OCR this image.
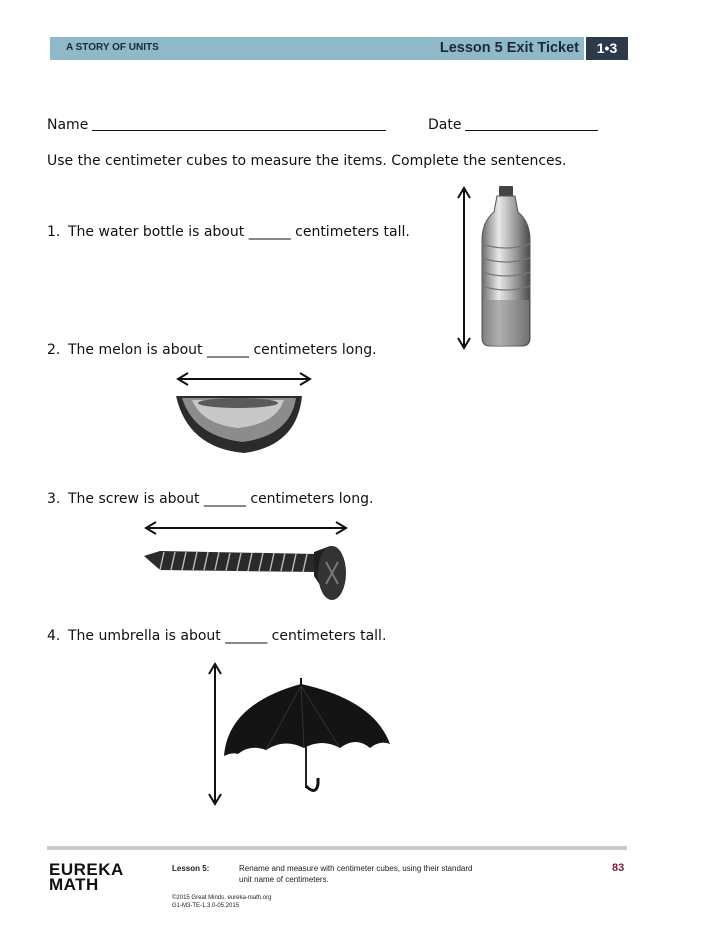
A STORY OF UNITS	Lesson 5 Exit Ticket	1•3
Name	Date
Use the centimeter cubes to measure the items. Complete the sentences.
1. The water bottle is about ______ centimeters tall.
2. The melon is about ______ centimeters long.
3. The screw is about ______ centimeters long.
4. The umbrella is about ______ centimeters tall.
EUREKA
MATH
Lesson 5:	Rename and measure with centimeter cubes, using their standard
unit name of centimeters.
©2015 Great Minds. eureka-math.org
G1-M3-TE-1.3.0-05.2015
83
